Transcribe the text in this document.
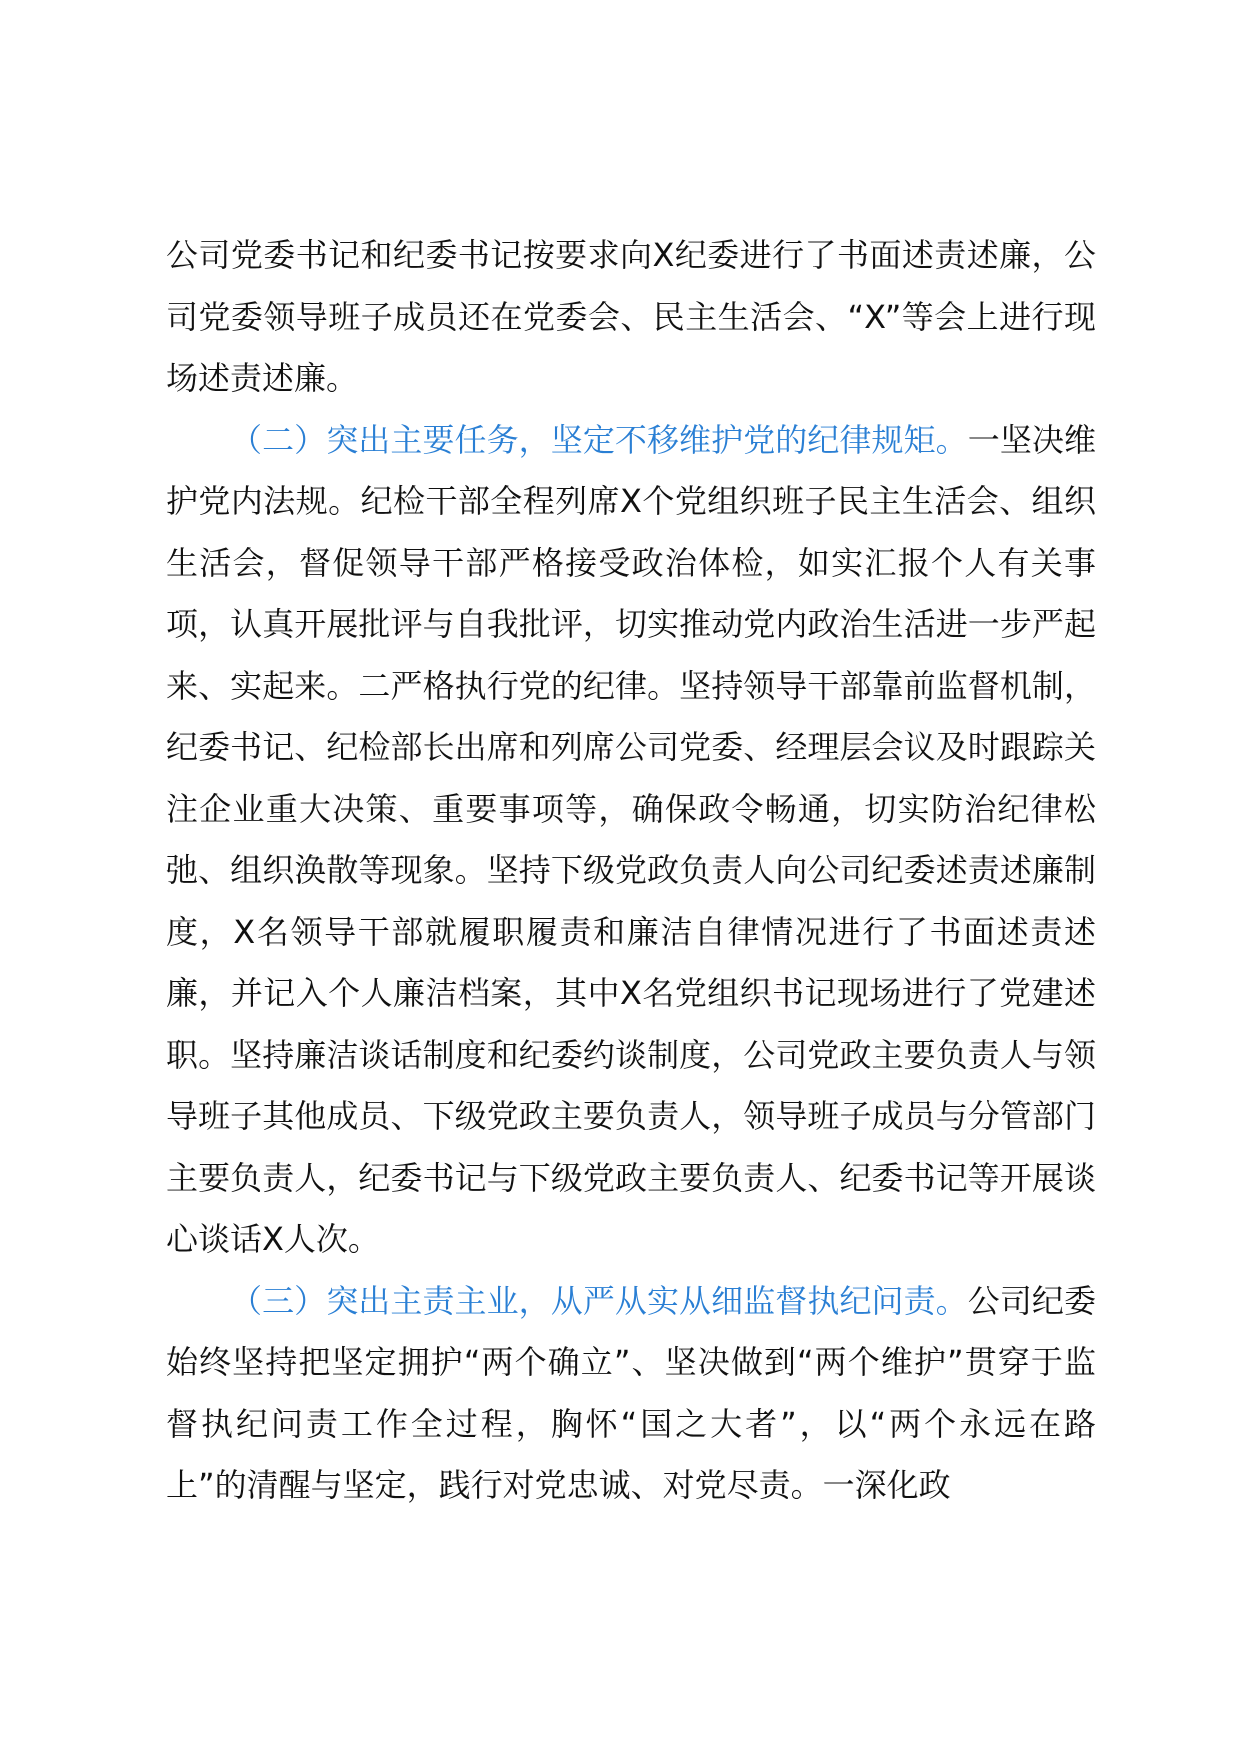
公司党委书记和纪委书记按要求向X纪委进行了书面述责述廉，公司党委领导班子成员还在党委会、民主生活会、“X”等会上进行现场述责述廉。

（二）突出主要任务，坚定不移维护党的纪律规矩。一坚决维护党内法规。纪检干部全程列席X个党组织班子民主生活会、组织生活会，督促领导干部严格接受政治体检，如实汇报个人有关事项，认真开展批评与自我批评，切实推动党内政治生活进一步严起来、实起来。二严格执行党的纪律。坚持领导干部靠前监督机制，纪委书记、纪检部长出席和列席公司党委、经理层会议及时跟踪关注企业重大决策、重要事项等，确保政令畅通，切实防治纪律松弛、组织涣散等现象。坚持下级党政负责人向公司纪委述责述廉制度，X名领导干部就履职履责和廉洁自律情况进行了书面述责述廉，并记入个人廉洁档案，其中X名党组织书记现场进行了党建述职。坚持廉洁谈话制度和纪委约谈制度，公司党政主要负责人与领导班子其他成员、下级党政主要负责人，领导班子成员与分管部门主要负责人，纪委书记与下级党政主要负责人、纪委书记等开展谈心谈话X人次。

（三）突出主责主业，从严从实从细监督执纪问责。公司纪委始终坚持把坚定拥护“两个确立”、坚决做到“两个维护”贯穿于监督执纪问责工作全过程，胸怀“国之大者”，以“两个永远在路上”的清醒与坚定，践行对党忠诚、对党尽责。一深化政
